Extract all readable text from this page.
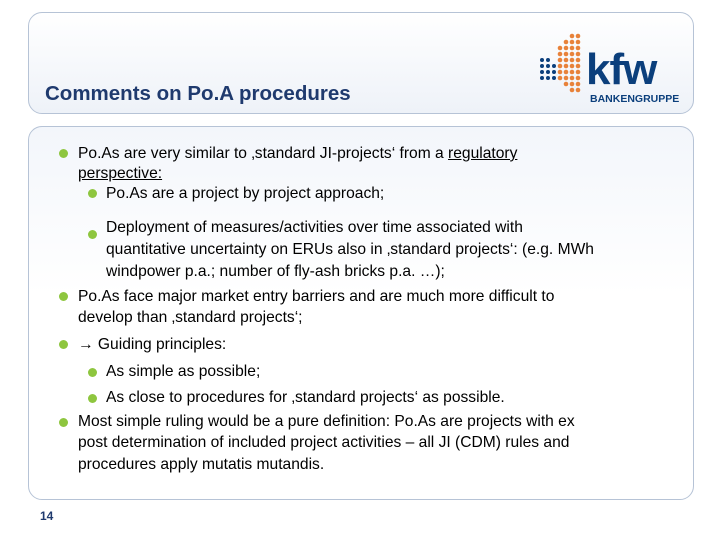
Comments on Po.A procedures	kfw
BANKENGRUPPE
Po.As are very similar to ‚standard JI-projects‘ from a regulatory
perspective:
Po.As are a project by project approach;
Deployment of measures/activities over time associated with
quantitative uncertainty on ERUs also in ‚standard projects‘: (e.g. MWh
windpower p.a.; number of fly-ash bricks p.a. …);
Po.As face major market entry barriers and are much more difficult to
develop than ‚standard projects‘;
→ Guiding principles:
As simple as possible;
As close to procedures for ‚standard projects‘ as possible.
Most simple ruling would be a pure definition: Po.As are projects with ex
post determination of included project activities – all JI (CDM) rules and
procedures apply mutatis mutandis.
14
